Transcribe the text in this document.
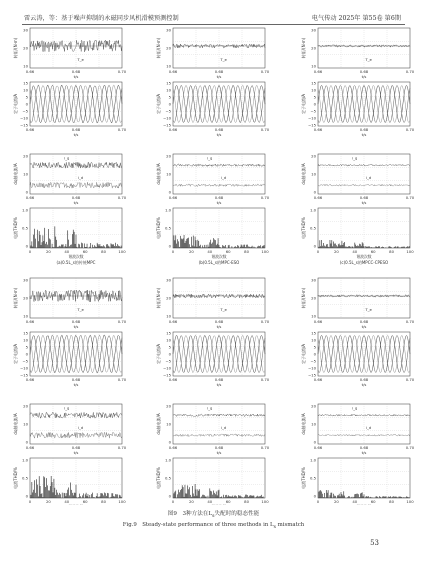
雷云涛，等：基于噪声抑制的永磁同步风机滑模预测控制	电气传动 2025年 第55卷 第6期
T_e
30
20
10
0.66	0.68	0.70
t/s
转矩/(N·m)
15
10
5
0
−5
−10
−15
0.66	0.68	0.70
t/s
定子电流/A
i_q
i_d
20
10
0
0.66	0.68	0.70
t/s
dq轴电流/A
1.0
0.5
0
0	20	40	60	80	100
谐波次数
(a)0.5L_s的传统MPC
电流THD/%
T_e
30
20
10
0.66	0.68	0.70
t/s
转矩/(N·m)
15
10
5
0
−5
−10
−15
0.66	0.68	0.70
t/s
定子电流/A
i_q
i_d
20
10
0
0.66	0.68	0.70
t/s
dq轴电流/A
1.0
0.5
0
0	20	40	60	80	100
谐波次数
(b)0.5L_s的MPC-ESO
电流THD/%
T_e
30
20
10
0.66	0.68	0.70
t/s
转矩/(N·m)
15
10
5
0
−5
−10
−15
0.66	0.68	0.70
t/s
定子电流/A
i_q
i_d
20
10
0
0.66	0.68	0.70
t/s
dq轴电流/A
1.0
0.5
0
0	20	40	60	80	100
谐波次数
(c)0.5L_s的MPCC-CPESO
电流THD/%
T_e
30
20
10
0.66	0.68	0.70
t/s
转矩/(N·m)
15
10
5
0
−5
−10
−15
0.66	0.68	0.70
t/s
定子电流/A
i_q
i_d
20
10
0
0.66	0.68	0.70
t/s
dq轴电流/A
1.0
0.5
0
0	20	40	60	80	100
电流THD/%
T_e
30
20
10
0.66	0.68	0.70
t/s
转矩/(N·m)
15
10
5
0
−5
−10
−15
0.66	0.68	0.70
t/s
定子电流/A
i_q
i_d
20
10
0
0.66	0.68	0.70
t/s
dq轴电流/A
1.0
0.5
0
0	20	40	60	80	100
电流THD/%
T_e
30
20
10
0.66	0.68	0.70
t/s
转矩/(N·m)
15
10
5
0
−5
−10
−15
0.66	0.68	0.70
t/s
定子电流/A
i_q
i_d
20
10
0
0.66	0.68	0.70
t/s
dq轴电流/A
1.0
0.5
0
0	20	40	60	80	100
电流THD/%
图9　3种方法在$L_s$失配时的稳态性能
Fig.9　Steady-state performance of three methods in $L_s$ mismatch
53
